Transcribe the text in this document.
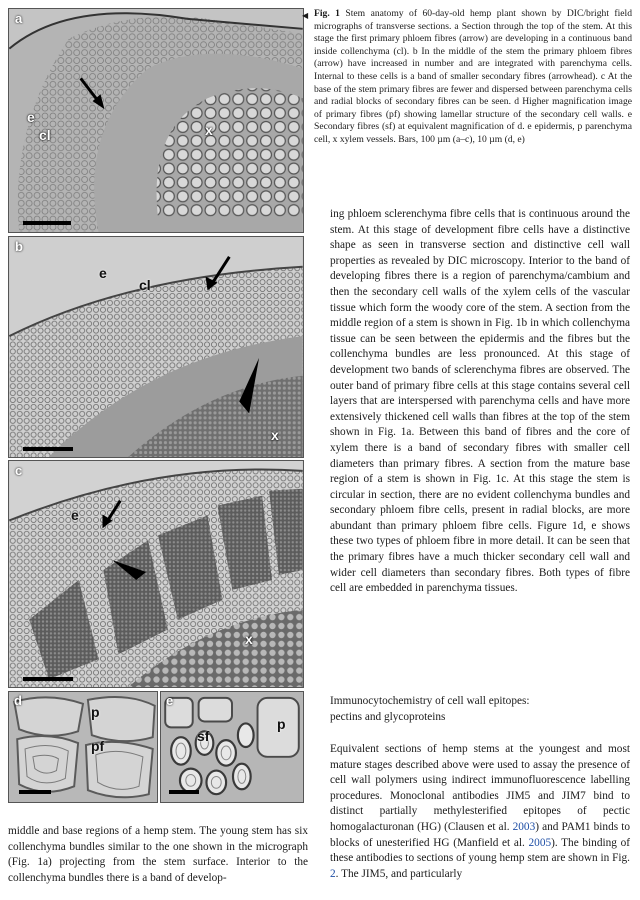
a
e
cl	x
b
e
cl
x
c
e
x
d
p
pf
e
sf
p
◀ Fig. 1 Stem anatomy of 60-day-old hemp plant shown by DIC/bright field micrographs of transverse sections. a Section through the top of the stem. At this stage the first primary phloem fibres (arrow) are developing in a continuous band inside collenchyma (cl). b In the middle of the stem the primary phloem fibres (arrow) have increased in number and are integrated with parenchyma cells. Internal to these cells is a band of smaller secondary fibres (arrowhead). c At the base of the stem primary fibres are fewer and dispersed between parenchyma cells and radial blocks of secondary fibres can be seen. d Higher magnification image of primary fibres (pf) showing lamellar structure of the secondary cell walls. e Secondary fibres (sf) at equivalent magnification of d. e epidermis, p parenchyma cell, x xylem vessels. Bars, 100 µm (a–c), 10 µm (d, e)
ing phloem sclerenchyma fibre cells that is continuous around the stem. At this stage of development fibre cells have a distinctive shape as seen in transverse section and distinctive cell wall properties as revealed by DIC microscopy. Interior to the band of developing fibres there is a region of parenchyma/cambium and then the secondary cell walls of the xylem cells of the vascular tissue which form the woody core of the stem. A section from the middle region of a stem is shown in Fig. 1b in which collenchyma tissue can be seen between the epidermis and the fibres but the collenchyma bundles are less pronounced. At this stage of development two bands of sclerenchyma fibres are observed. The outer band of primary fibre cells at this stage contains several cell layers that are interspersed with parenchyma cells and have more extensively thickened cell walls than fibres at the top of the stem shown in Fig. 1a. Between this band of fibres and the core of xylem there is a band of secondary fibres with smaller cell diameters than primary fibres. A section from the mature base region of a stem is shown in Fig. 1c. At this stage the stem is circular in section, there are no evident collenchyma bundles and secondary phloem fibre cells, present in radial blocks, are more abundant than primary phloem fibre cells. Figure 1d, e shows these two types of phloem fibre in more detail. It can be seen that the primary fibres have a much thicker secondary cell wall and wider cell diameters than secondary fibres. Both types of fibre cell are embedded in parenchyma tissues.
Immunocytochemistry of cell wall epitopes:
pectins and glycoproteins
Equivalent sections of hemp stems at the youngest and most mature stages described above were used to assay the presence of cell wall polymers using indirect immunofluorescence labelling procedures. Monoclonal antibodies JIM5 and JIM7 bind to distinct partially methylesterified epitopes of pectic homogalacturonan (HG) (Clausen et al. 2003) and PAM1 binds to blocks of unesterified HG (Manfield et al. 2005). The binding of these antibodies to sections of young hemp stem are shown in Fig. 2. The JIM5, and particularly
middle and base regions of a hemp stem. The young stem has six collenchyma bundles similar to the one shown in the micrograph (Fig. 1a) projecting from the stem surface. Interior to the collenchyma bundles there is a band of develop-
